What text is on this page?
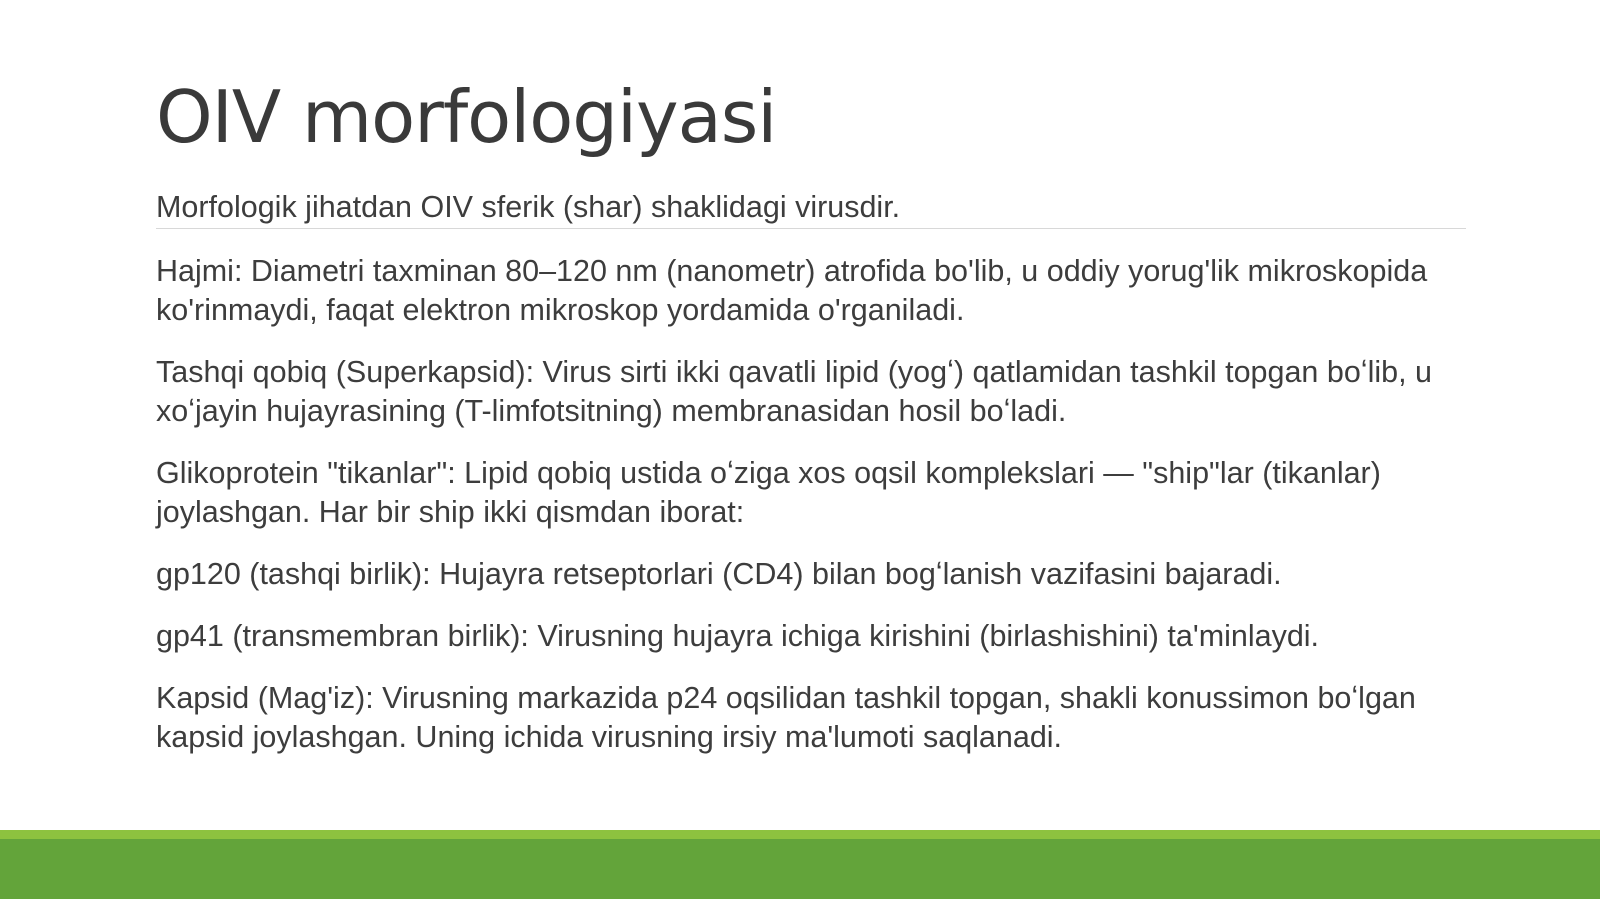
OIV morfologiyasi

Morfologik jihatdan OIV sferik (shar) shaklidagi virusdir.

Hajmi: Diametri taxminan 80–120 nm (nanometr) atrofida bo'lib, u oddiy yorug'lik mikroskopida ko'rinmaydi, faqat elektron mikroskop yordamida o'rganiladi.

Tashqi qobiq (Superkapsid): Virus sirti ikki qavatli lipid (yogʻ) qatlamidan tashkil topgan boʻlib, u xoʻjayin hujayrasining (T-limfotsitning) membranasidan hosil boʻladi.

Glikoprotein "tikanlar": Lipid qobiq ustida oʻziga xos oqsil komplekslari — "ship"lar (tikanlar) joylashgan. Har bir ship ikki qismdan iborat:

gp120 (tashqi birlik): Hujayra retseptorlari (CD4) bilan bogʻlanish vazifasini bajaradi.

gp41 (transmembran birlik): Virusning hujayra ichiga kirishini (birlashishini) ta'minlaydi.

Kapsid (Mag'iz): Virusning markazida p24 oqsilidan tashkil topgan, shakli konussimon boʻlgan kapsid joylashgan. Uning ichida virusning irsiy ma'lumoti saqlanadi.
